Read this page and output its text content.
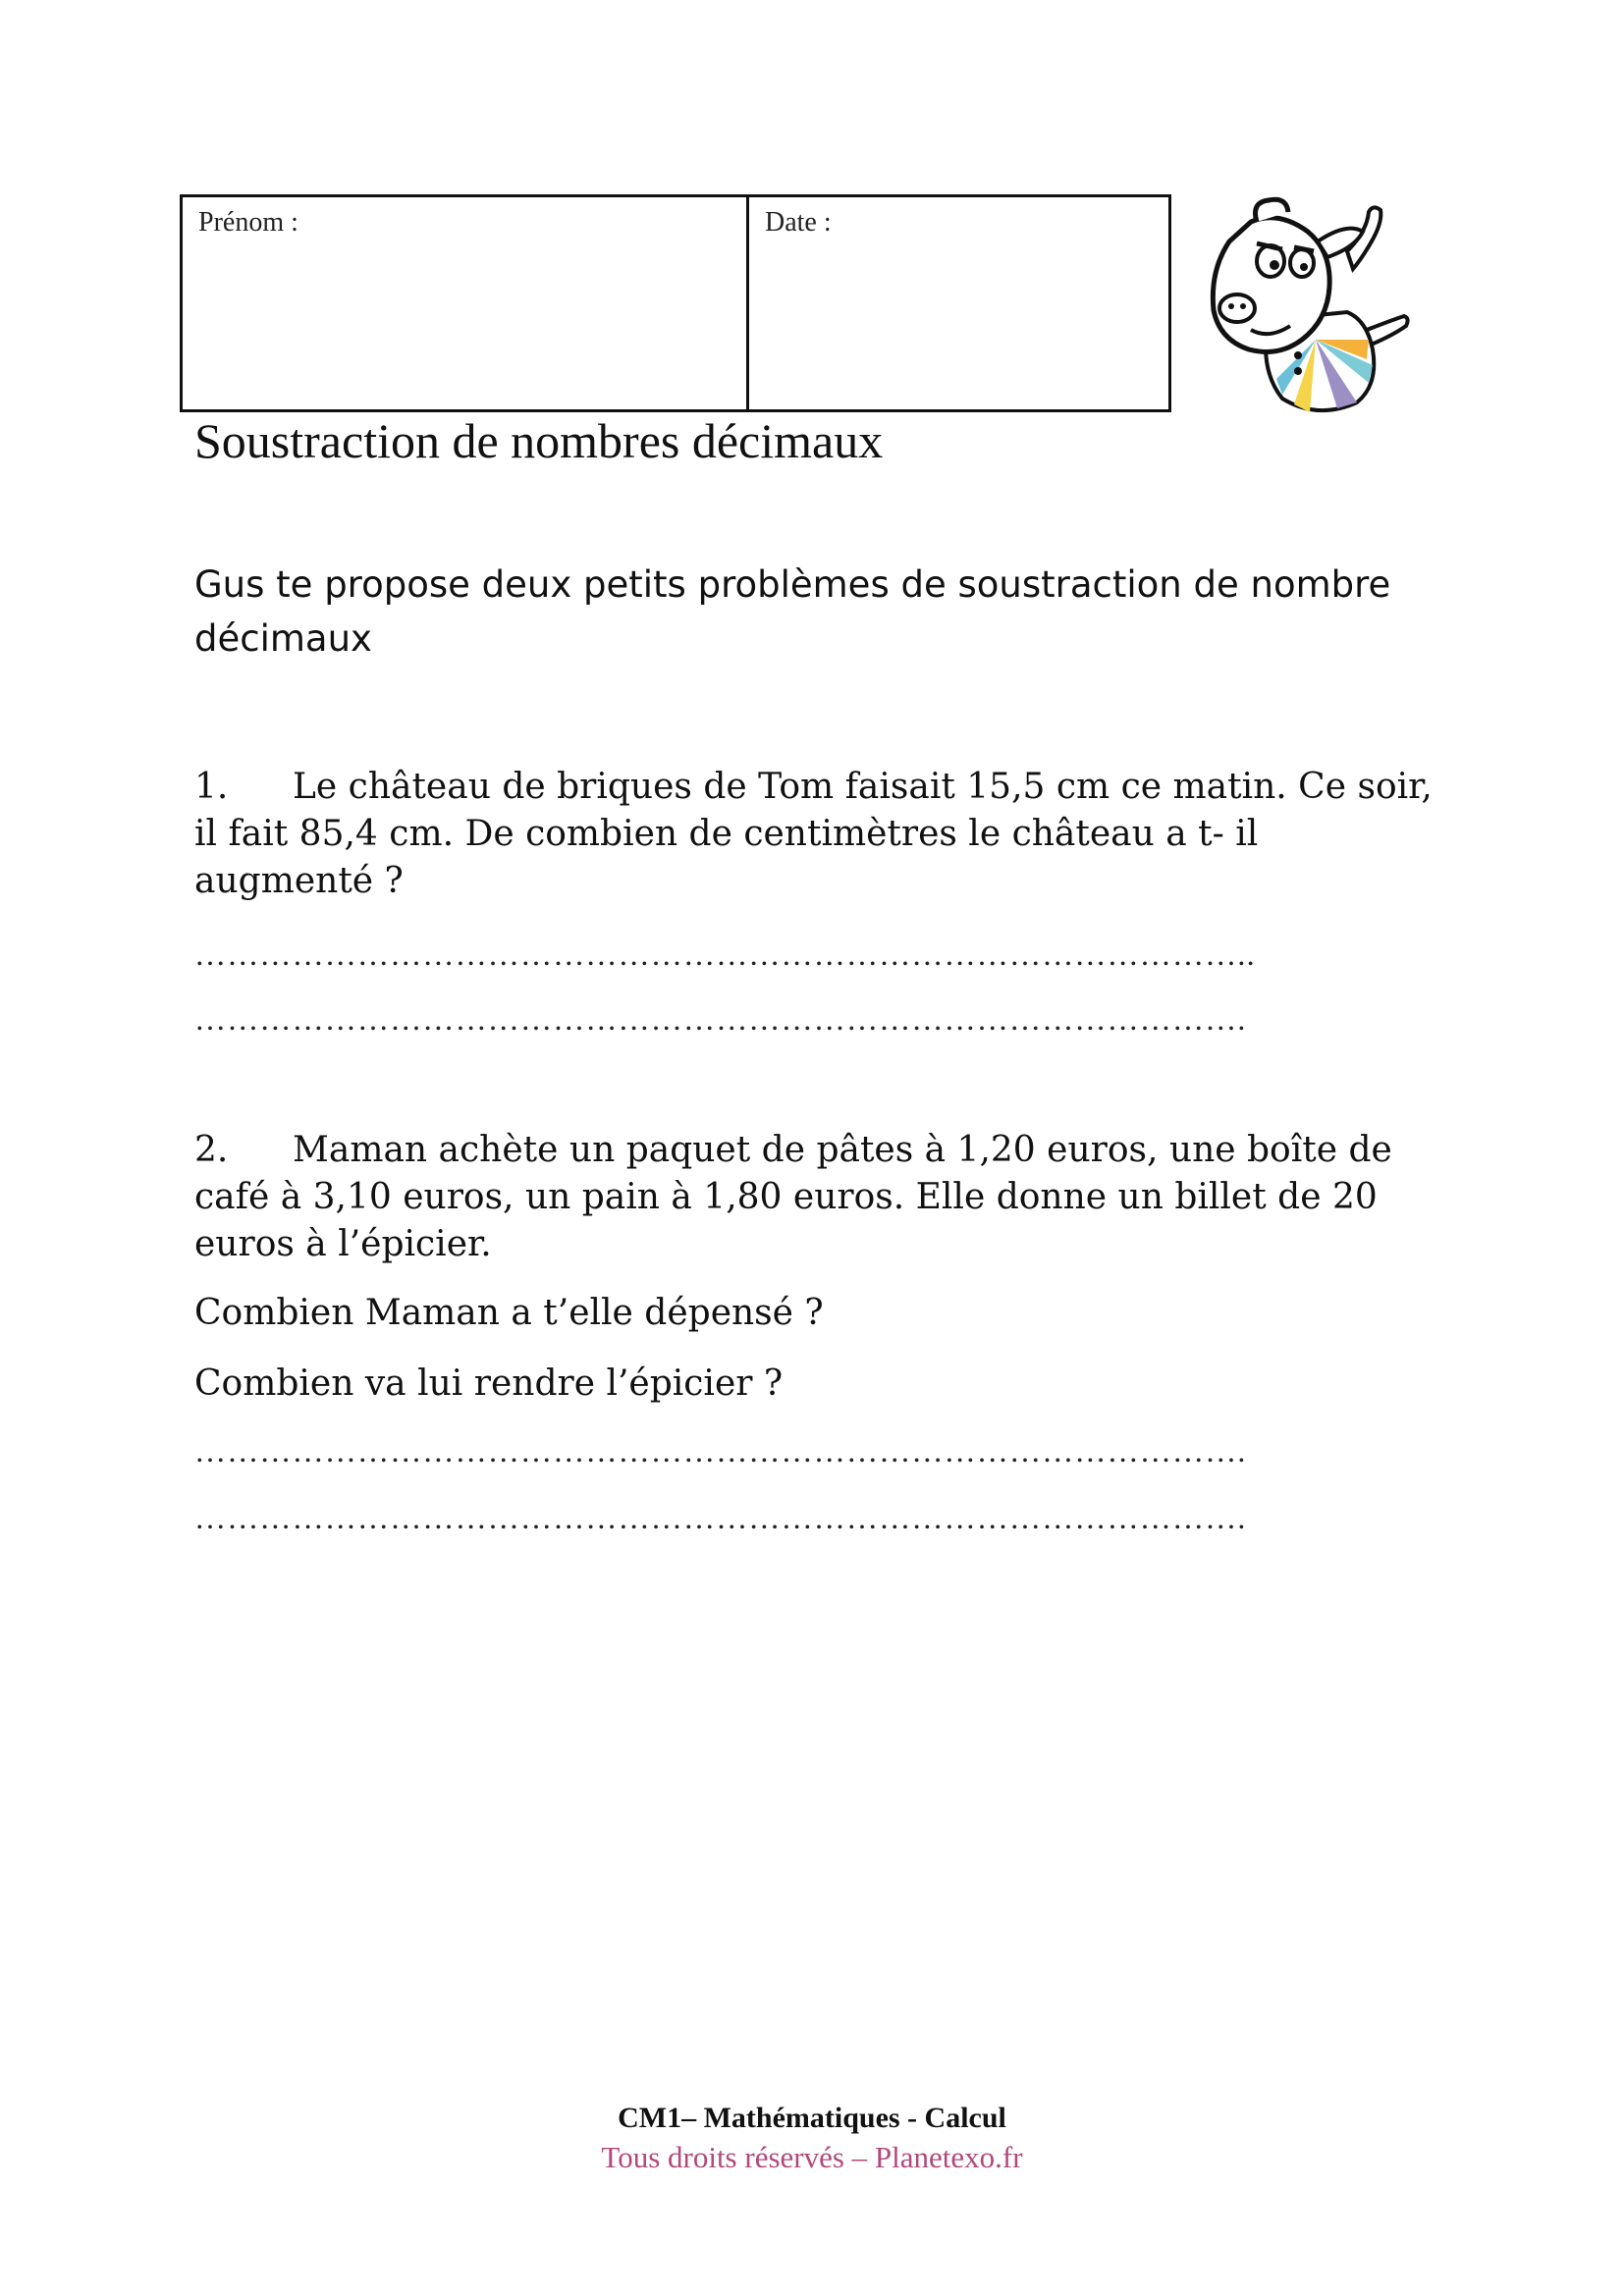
Prénom :	Date :
Soustraction de nombres décimaux
Gus te propose deux petits problèmes de soustraction de nombre décimaux
1. Le château de briques de Tom faisait 15,5 cm ce matin. Ce soir,
il fait 85,4 cm. De combien de centimètres le château a t- il
augmenté ?
……………………………………………………………………………………..
…………………………………………………………………………………….
2. Maman achète un paquet de pâtes à 1,20 euros, une boîte de
café à 3,10 euros, un pain à 1,80 euros. Elle donne un billet de 20
euros à l’épicier.
Combien Maman a t’elle dépensé ?
Combien va lui rendre l’épicier ?
…………………………………………………………………………………….
…………………………………………………………………………………….
CM1– Mathématiques - Calcul
Tous droits réservés – Planetexo.fr
